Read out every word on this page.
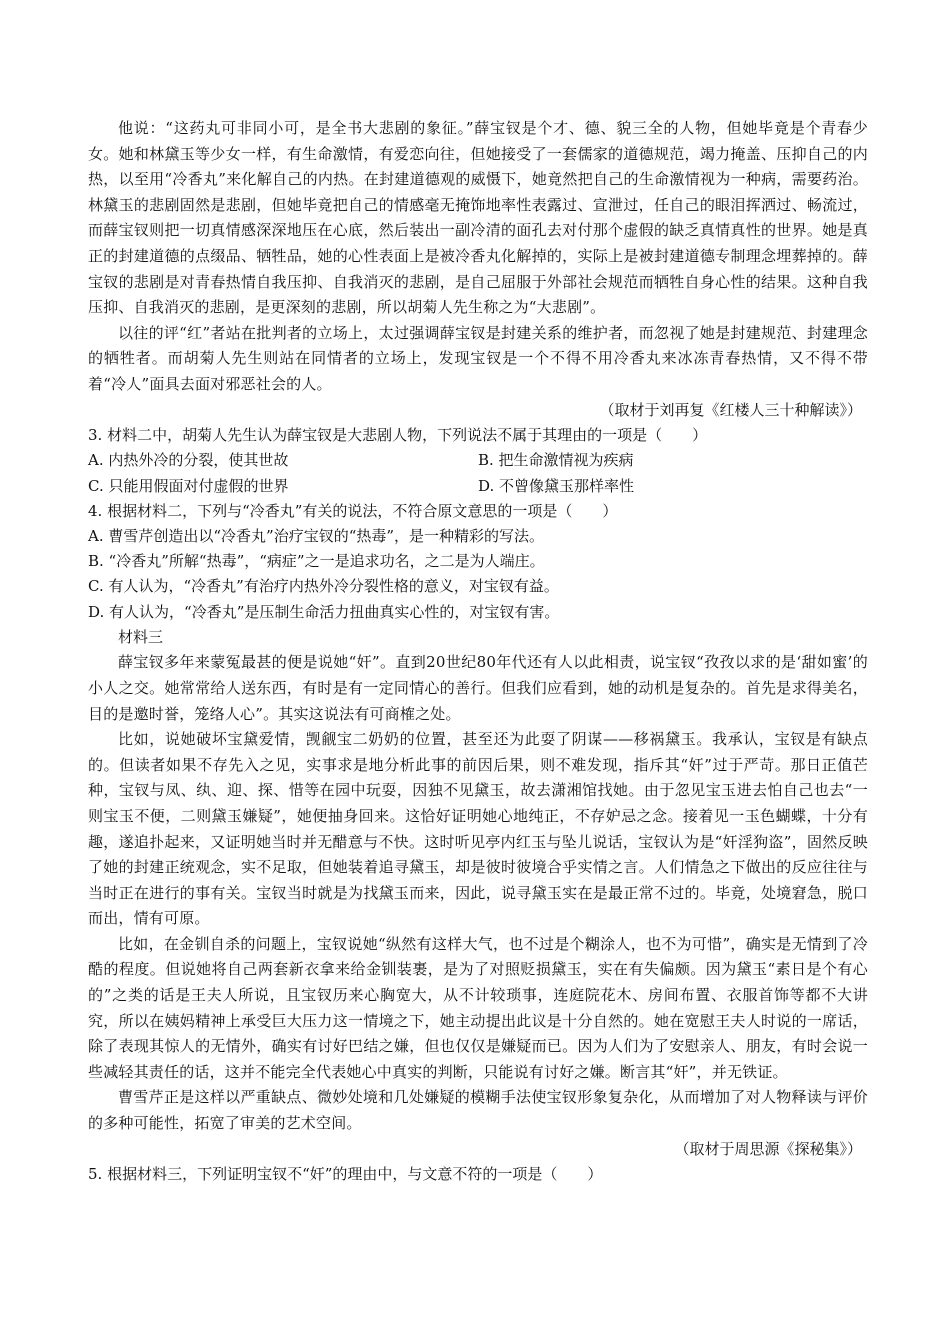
他说：“这药丸可非同小可，是全书大悲剧的象征。”薛宝钗是个才、德、貌三全的人物，但她毕竟是个青春少女。她和林黛玉等少女一样，有生命激情，有爱恋向往，但她接受了一套儒家的道德规范，竭力掩盖、压抑自己的内热，以至用“冷香丸”来化解自己的内热。在封建道德观的威慑下，她竟然把自己的生命激情视为一种病，需要药治。林黛玉的悲剧固然是悲剧，但她毕竟把自己的情感毫无掩饰地率性表露过、宣泄过，任自己的眼泪挥洒过、畅流过，而薛宝钗则把一切真情感深深地压在心底，然后装出一副冷清的面孔去对付那个虚假的缺乏真情真性的世界。她是真正的封建道德的点缀品、牺牲品，她的心性表面上是被冷香丸化解掉的，实际上是被封建道德专制理念埋葬掉的。薛宝钗的悲剧是对青春热情自我压抑、自我消灭的悲剧，是自己屈服于外部社会规范而牺牲自身心性的结果。这种自我压抑、自我消灭的悲剧，是更深刻的悲剧，所以胡菊人先生称之为“大悲剧”。

以往的评“红”者站在批判者的立场上，太过强调薛宝钗是封建关系的维护者，而忽视了她是封建规范、封建理念的牺牲者。而胡菊人先生则站在同情者的立场上，发现宝钗是一个不得不用冷香丸来冰冻青春热情，又不得不带着“冷人”面具去面对邪恶社会的人。

（取材于刘再复《红楼人三十种解读》）

3. 材料二中，胡菊人先生认为薛宝钗是大悲剧人物，下列说法不属于其理由的一项是（　　）

A. 内热外冷的分裂，使其世故	B. 把生命激情视为疾病

C. 只能用假面对付虚假的世界	D. 不曾像黛玉那样率性

4. 根据材料二，下列与“冷香丸”有关的说法，不符合原文意思的一项是（　　）

A. 曹雪芹创造出以“冷香丸”治疗宝钗的“热毒”，是一种精彩的写法。

B. “冷香丸”所解“热毒”，“病症”之一是追求功名，之二是为人端庄。

C. 有人认为，“冷香丸”有治疗内热外冷分裂性格的意义，对宝钗有益。

D. 有人认为，“冷香丸”是压制生命活力扭曲真实心性的，对宝钗有害。

材料三

薛宝钗多年来蒙冤最甚的便是说她“奸”。直到20世纪80年代还有人以此相责，说宝钗“孜孜以求的是‘甜如蜜’的小人之交。她常常给人送东西，有时是有一定同情心的善行。但我们应看到，她的动机是复杂的。首先是求得美名，目的是邀时誉，笼络人心”。其实这说法有可商榷之处。

比如，说她破坏宝黛爱情，觊觎宝二奶奶的位置，甚至还为此耍了阴谋——移祸黛玉。我承认，宝钗是有缺点的。但读者如果不存先入之见，实事求是地分析此事的前因后果，则不难发现，指斥其“奸”过于严苛。那日正值芒种，宝钗与凤、纨、迎、探、惜等在园中玩耍，因独不见黛玉，故去潇湘馆找她。由于忽见宝玉进去怕自己也去“一则宝玉不便，二则黛玉嫌疑”，她便抽身回来。这恰好证明她心地纯正，不存妒忌之念。接着见一玉色蝴蝶，十分有趣，遂追扑起来，又证明她当时并无醋意与不快。这时听见亭内红玉与坠儿说话，宝钗认为是“奸淫狗盗”，固然反映了她的封建正统观念，实不足取，但她装着追寻黛玉，却是彼时彼境合乎实情之言。人们情急之下做出的反应往往与当时正在进行的事有关。宝钗当时就是为找黛玉而来，因此，说寻黛玉实在是最正常不过的。毕竟，处境窘急，脱口而出，情有可原。

比如，在金钏自杀的问题上，宝钗说她“纵然有这样大气，也不过是个糊涂人，也不为可惜”，确实是无情到了冷酷的程度。但说她将自己两套新衣拿来给金钏装裹，是为了对照贬损黛玉，实在有失偏颇。因为黛玉“素日是个有心的”之类的话是王夫人所说，且宝钗历来心胸宽大，从不计较琐事，连庭院花木、房间布置、衣服首饰等都不大讲究，所以在姨妈精神上承受巨大压力这一情境之下，她主动提出此议是十分自然的。她在宽慰王夫人时说的一席话，除了表现其惊人的无情外，确实有讨好巴结之嫌，但也仅仅是嫌疑而已。因为人们为了安慰亲人、朋友，有时会说一些减轻其责任的话，这并不能完全代表她心中真实的判断，只能说有讨好之嫌。断言其“奸”，并无铁证。

曹雪芹正是这样以严重缺点、微妙处境和几处嫌疑的模糊手法使宝钗形象复杂化，从而增加了对人物释读与评价的多种可能性，拓宽了审美的艺术空间。

（取材于周思源《探秘集》）

5. 根据材料三，下列证明宝钗不“奸”的理由中，与文意不符的一项是（　　）
